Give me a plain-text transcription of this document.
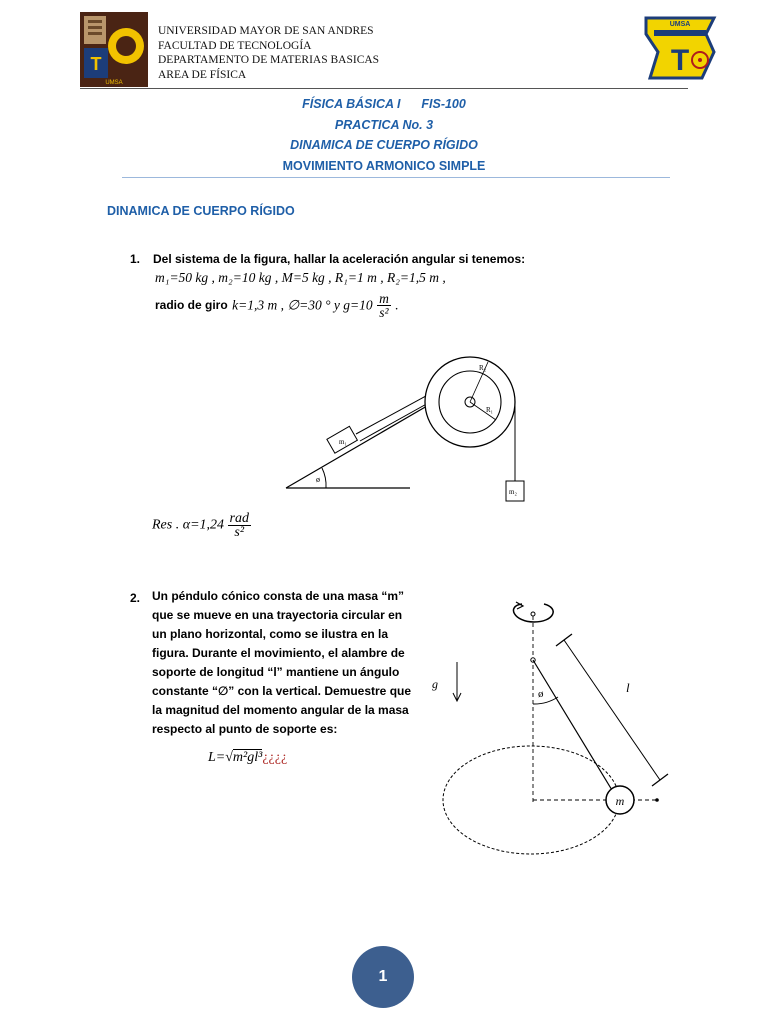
T
UMSA
UNIVERSIDAD MAYOR DE SAN ANDRES
FACULTAD DE TECNOLOGÍA
DEPARTAMENTO DE MATERIAS BASICAS
AREA DE FÍSICA
UMSA
T
FÍSICA BÁSICA I FIS-100
PRACTICA No. 3
DINAMICA DE CUERPO RÍGIDO
MOVIMIENTO ARMONICO SIMPLE
DINAMICA DE CUERPO RÍGIDO
1. Del sistema de la figura, hallar la aceleración angular si tenemos:
m₁=50 kg , m₂=10 kg , M=5 kg , R₁=1 m , R₂=1,5 m ,
radio de giro k=1,3 m , ∅=30 ° y $g=10 \frac{m}{\text{s²}}$ .
ø
m₁
R₂
R₁
m₂
Res . $\alpha=1,24 \frac{\text{rad}}{\text{s²}}$
2. Un péndulo cónico consta de una masa “m”
que se mueve en una trayectoria circular en
un plano horizontal, como se ilustra en la
figura. Durante el movimiento, el alambre de
soporte de longitud “l” mantiene un ángulo
constante “∅” con la vertical. Demuestre que
la magnitud del momento angular de la masa
respecto al punto de soporte es:
L=√m²gl³¿¿¿¿
ø
g	l
m
1
